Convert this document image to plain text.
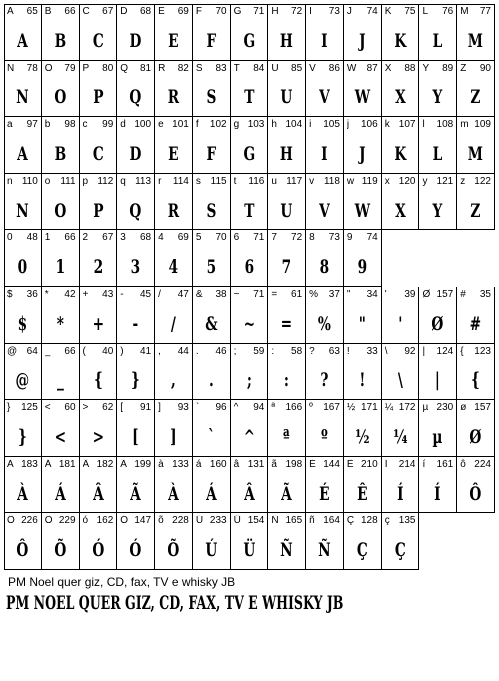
A 65
A
B 66
B
C 67
C
D 68
D
E 69
E
F 70
F
G 71
G
H 72
H
I 73
I
J 74
J
K 75
K
L 76
L
M 77
M
N 78
N
O 79
O
P 80
P
Q 81
Q
R 82
R
S 83
S
T 84
T
U 85
U
V 86
V
W 87
W
X 88
X
Y 89
Y
Z 90
Z
a 97
A
b 98
B
c 99
C
d 100
D
e 101
E
f 102
F
g 103
G
h 104
H
i 105
I
j 106
J
k 107
K
l 108
L
m 109
M
n 110
N
o 111
O
p 112
P
q 113
Q
r 114
R
s 115
S
t 116
T
u 117
U
v 118
V
w 119
W
x 120
X
y 121
Y
z 122
Z
0 48
0
1 66
1
2 67
2
3 68
3
4 69
4
5 70
5
6 71
6
7 72
7
8 73
8
9 74
9
$ 36
$
* 42
*
+ 43
+
- 45
-
/ 47
/
& 38
&
~ 71
~
= 61
=
% 37
%
" 34
"
' 39
'
Ø 157
Ø
# 35
#
@ 64
@
_ 66
_
( 40
{
) 41
}
, 44
,
. 46
.
; 59
;
: 58
:
? 63
?
! 33
!
\ 92
\
| 124
|
{ 123
{
} 125
}
< 60
<
> 62
>
[ 91
[
] 93
]
` 96
`
^ 94
^
ª 166
ª
º 167
º
½ 171
½
¼ 172
¼
µ 230
µ
ø 157
Ø
À 183
À
Á 181
Á
Â 182
Â
Ã 199
Ã
à 133
À
á 160
Á
â 131
Â
ã 198
Ã
É 144
É
Ê 210
Ê
Í 214
Í
í 161
Í
ô 224
Ô
Ô 226
Ô
Õ 229
Õ
ó 162
Ó
Ó 147
Ó
õ 228
Õ
Ú 233
Ú
Ü 154
Ü
Ñ 165
Ñ
ñ 164
Ñ
Ç 128
Ç
ç 135
Ç
PM Noel quer giz, CD, fax, TV e whisky JB
PM NOEL QUER GIZ, CD, FAX, TV E WHISKY JB
